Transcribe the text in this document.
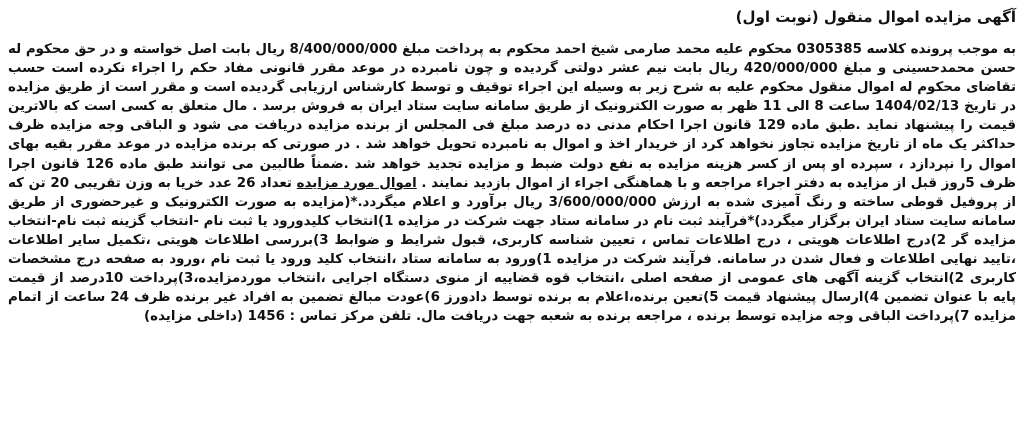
آگهی مزایده اموال منقول (نوبت اول)

به موجب پرونده کلاسه 0305385 محکوم علیه محمد صارمی شیخ احمد محکوم به پرداخت مبلغ 8/400/000/000 ریال بابت اصل خواسته و در حق محکوم له حسن محمدحسینی و مبلغ 420/000/000 ریال بابت نیم عشر دولتی گردیده و چون نامبرده در موعد مقرر قانونی مفاد حکم را اجراء نکرده است حسب تقاضای محکوم له اموال منقول محکوم علیه به شرح زیر به وسیله این اجراء توقیف و توسط کارشناس ارزیابی گردیده است و مقرر است از طریق مزایده در تاریخ 1404/02/13 ساعت 8 الی 11 ظهر به صورت الکترونیک از طریق سامانه سایت ستاد ایران به فروش برسد . مال متعلق به کسی است که بالاترین قیمت را پیشنهاد نماید .طبق ماده 129 قانون اجرا احکام مدنی ده درصد مبلغ فی المجلس از برنده مزایده دریافت می شود و الباقی وجه مزایده ظرف حداکثر یک ماه از تاریخ مزایده تجاوز نخواهد کرد از خریدار اخذ و اموال به نامبرده تحویل خواهد شد . در صورتی که برنده مزایده در موعد مقرر بقیه بهای اموال را نپردازد ، سپرده او پس از کسر هزینه مزایده به نفع دولت ضبط و مزایده تجدید خواهد شد .ضمناً طالبین می توانند طبق ماده 126 قانون اجرا ظرف 5روز قبل از مزایده به دفتر اجراء مراجعه و با هماهنگی اجراء از اموال بازدید نمایند . اموال مورد مزایده تعداد 26 عدد خریا به وزن تقریبی 20 تن که از پروفیل قوطی ساخته و رنگ آمیزی شده به ارزش 3/600/000/000 ریال برآورد و اعلام میگردد.*(مزایده به صورت الکترونیک و غیرحضوری از طریق سامانه سایت ستاد ایران برگزار میگردد)*فرآیند ثبت نام در سامانه ستاد جهت شرکت در مزایده 1)انتخاب کلیدورود یا ثبت نام -انتخاب گزینه ثبت نام-انتخاب مزایده گر 2)درج اطلاعات هویتی ، درج اطلاعات تماس ، تعیین شناسه کاربری، قبول شرایط و ضوابط 3)بررسی اطلاعات هویتی ،تکمیل سایر اطلاعات ،تایید نهایی اطلاعات و فعال شدن در سامانه. فرآیند شرکت در مزایده 1)ورود به سامانه ستاد ،انتخاب کلید ورود یا ثبت نام ،ورود به صفحه درج مشخصات کاربری 2)انتخاب گزینه آگهی های عمومی از صفحه اصلی ،انتخاب قوه قضاییه از منوی دستگاه اجرایی ،انتخاب موردمزایده،3)پرداخت 10درصد از قیمت پایه با عنوان تضمین 4)ارسال پیشنهاد قیمت 5)تعین برنده،اعلام به برنده توسط دادورز 6)عودت مبالغ تضمین به افراد غیر برنده ظرف 24 ساعت از اتمام مزایده 7)پرداخت الباقی وجه مزایده توسط برنده ، مراجعه برنده به شعبه جهت دریافت مال. تلفن مرکز تماس : 1456 (داخلی مزایده)
